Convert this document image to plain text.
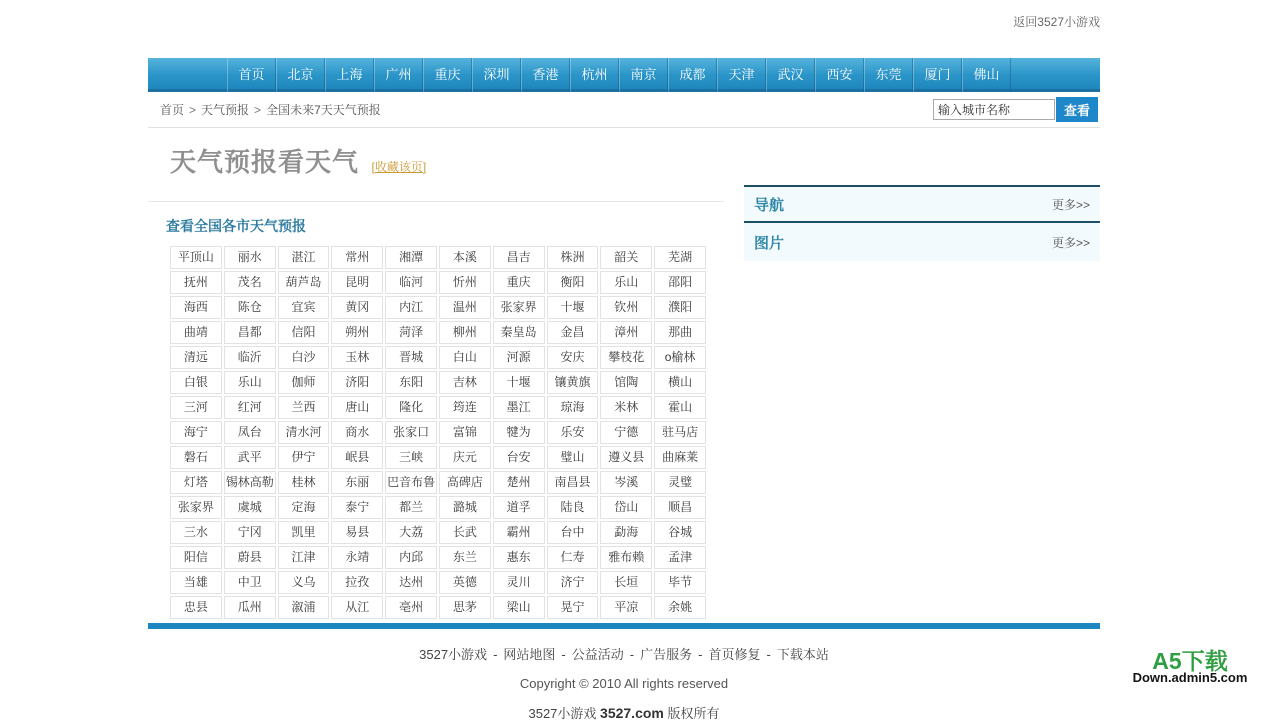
返回3527小游戏
首页	北京	上海	广州	重庆	深圳	香港	杭州	南京	成都	天津	武汉	西安	东莞	厦门	佛山
首页 > 天气预报 > 全国未来7天天气预报
输入城市名称	查看
天气预报看天气 [收藏该页]
查看全国各市天气预报
平顶山	丽水	湛江	常州	湘潭	本溪	昌吉	株洲	韶关	芜湖
抚州	茂名	葫芦岛	昆明	临河	忻州	重庆	衡阳	乐山	邵阳
海西	陈仓	宜宾	黄冈	内江	温州	张家界	十堰	钦州	濮阳
曲靖	昌都	信阳	朔州	菏泽	柳州	秦皇岛	金昌	漳州	那曲
清远	临沂	白沙	玉林	晋城	白山	河源	安庆	攀枝花	o榆林
白银	乐山	伽师	济阳	东阳	吉林	十堰	镶黄旗	馆陶	横山
三河	红河	兰西	唐山	隆化	筠连	墨江	琼海	米林	霍山
海宁	凤台	清水河	商水	张家口	富锦	犍为	乐安	宁德	驻马店
磐石	武平	伊宁	岷县	三峡	庆元	台安	璧山	遵义县	曲麻莱
灯塔	锡林高勒	桂林	东丽	巴音布鲁	高碑店	楚州	南昌县	岑溪	灵璧
张家界	虞城	定海	泰宁	都兰	潞城	道孚	陆良	岱山	顺昌
三水	宁冈	凯里	易县	大荔	长武	霸州	台中	勐海	谷城
阳信	蔚县	江津	永靖	内邱	东兰	惠东	仁寿	雅布赖	孟津
当雄	中卫	义乌	拉孜	达州	英德	灵川	济宁	长垣	毕节
忠县	瓜州	溆浦	从江	亳州	思茅	梁山	晃宁	平凉	余姚
导航	更多>>
图片	更多>>
3527小游戏 - 网站地图 - 公益活动 - 广告服务 - 首页修复 - 下载本站
Copyright © 2010 All rights reserved
3527小游戏 3527.com 版权所有
A5下载
Down.admin5.com
